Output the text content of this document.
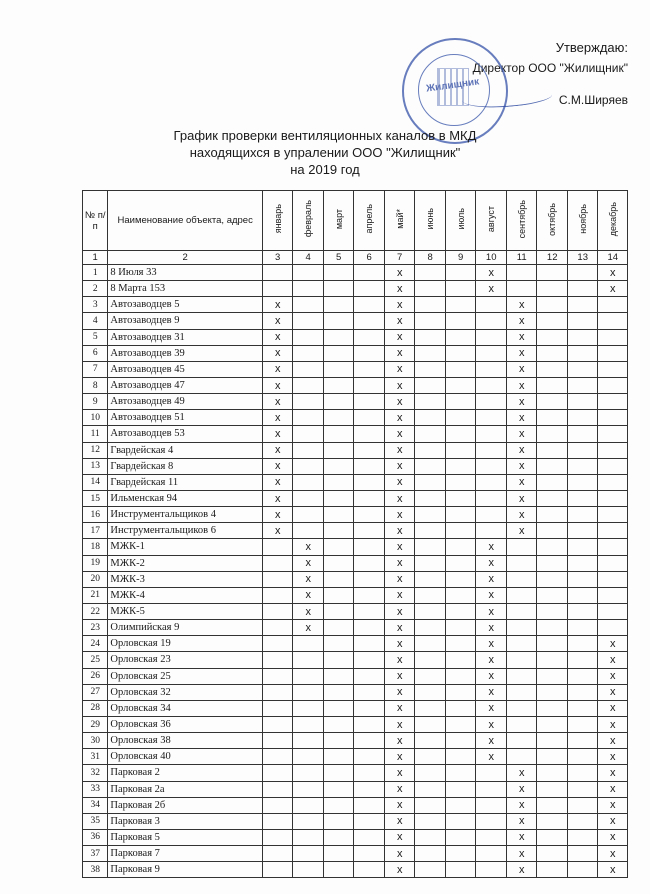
Утверждаю:
Директор ООО "Жилищник"
С.М.Ширяев
Жилищник
График проверки вентиляционных каналов в МКД
находящихся в упралении ООО "Жилищник"
на 2019 год
№ п/п	Наименование объекта, адрес	январь	февраль	март	апрель	май*	июнь	июль	август	сентябрь	октябрь	ноябрь	декабрь
1	2	3	4	5	6	7	8	9	10	11	12	13	14
1	8 Июля 33					х			х				х
2	8 Марта 153					х			х				х
3	Автозаводцев 5	х				х				х			
4	Автозаводцев 9	х				х				х			
5	Автозаводцев 31	х				х				х			
6	Автозаводцев 39	х				х				х			
7	Автозаводцев 45	х				х				х			
8	Автозаводцев 47	х				х				х			
9	Автозаводцев 49	х				х				х			
10	Автозаводцев 51	х				х				х			
11	Автозаводцев 53	х				х				х			
12	Гвардейская 4	х				х				х			
13	Гвардейская 8	х				х				х			
14	Гвардейская 11	х				х				х			
15	Ильменская 94	х				х				х			
16	Инструментальщиков 4	х				х				х			
17	Инструментальщиков 6	х				х				х			
18	МЖК-1		х			х			х				
19	МЖК-2		х			х			х				
20	МЖК-3		х			х			х				
21	МЖК-4		х			х			х				
22	МЖК-5		х			х			х				
23	Олимпийская 9		х			х			х				
24	Орловская 19					х			х				х
25	Орловская 23					х			х				х
26	Орловская 25					х			х				х
27	Орловская 32					х			х				х
28	Орловская 34					х			х				х
29	Орловская 36					х			х				х
30	Орловская 38					х			х				х
31	Орловская 40					х			х				х
32	Парковая 2					х				х			х
33	Парковая 2а					х				х			х
34	Парковая 2б					х				х			х
35	Парковая 3					х				х			х
36	Парковая 5					х				х			х
37	Парковая 7					х				х			х
38	Парковая 9					х				х			х
